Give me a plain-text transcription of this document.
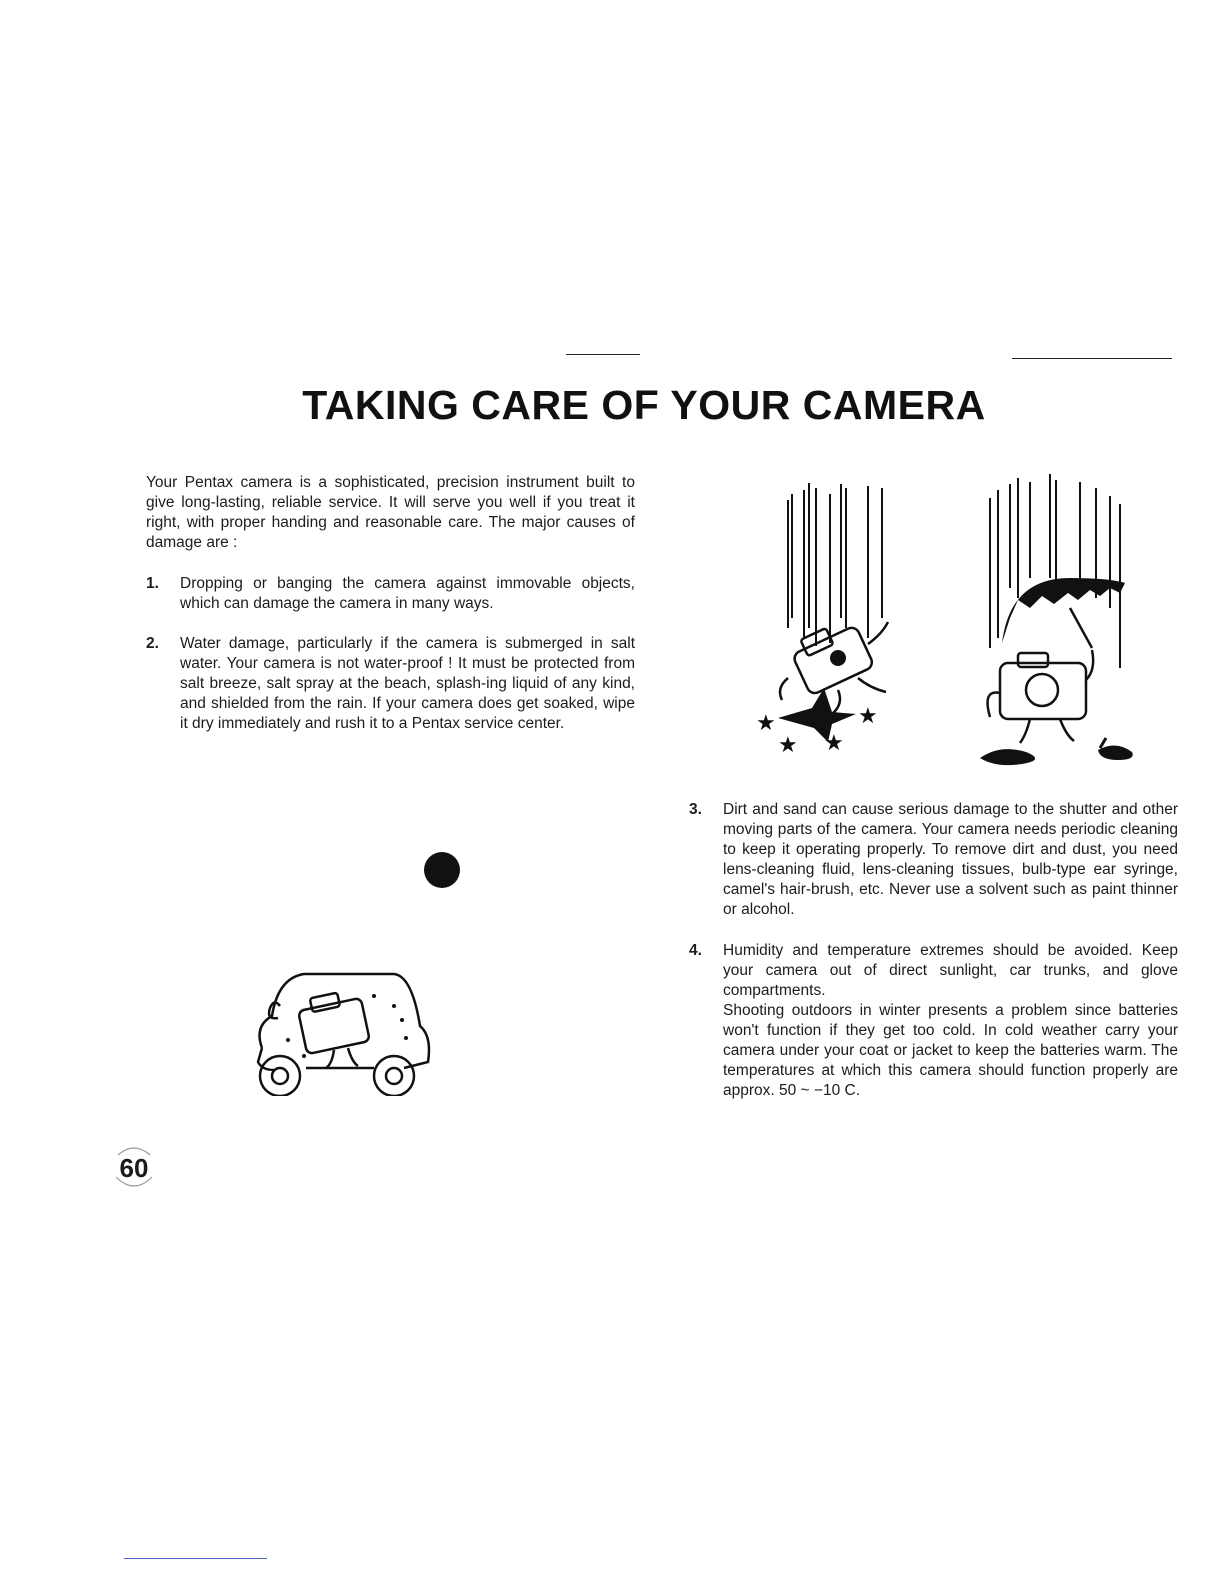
TAKING CARE OF YOUR CAMERA

Your Pentax camera is a sophisticated, precision instrument built to give long-lasting, reliable service. It will serve you well if you treat it right, with proper handing and reasonable care. The major causes of damage are :

1. Dropping or banging the camera against immovable objects, which can damage the camera in many ways.

2. Water damage, particularly if the camera is submerged in salt water. Your camera is not water-proof ! It must be protected from salt breeze, salt spray at the beach, splash-ing liquid of any kind, and shielded from the rain. If your camera does get soaked, wipe it dry immediately and rush it to a Pentax service center.

3. Dirt and sand can cause serious damage to the shutter and other moving parts of the camera. Your camera needs periodic cleaning to keep it operating properly. To remove dirt and dust, you need lens-cleaning fluid, lens-cleaning tissues, bulb-type ear syringe, camel's hair-brush, etc. Never use a solvent such as paint thinner or alcohol.

4. Humidity and temperature extremes should be avoided. Keep your camera out of direct sunlight, car trunks, and glove compartments.

Shooting outdoors in winter presents a problem since batteries won't function if they get too cold. In cold weather carry your camera under your coat or jacket to keep the batteries warm. The temperatures at which this camera should function properly are approx. 50 ~ −10 C.

★	★
★ ★
60
